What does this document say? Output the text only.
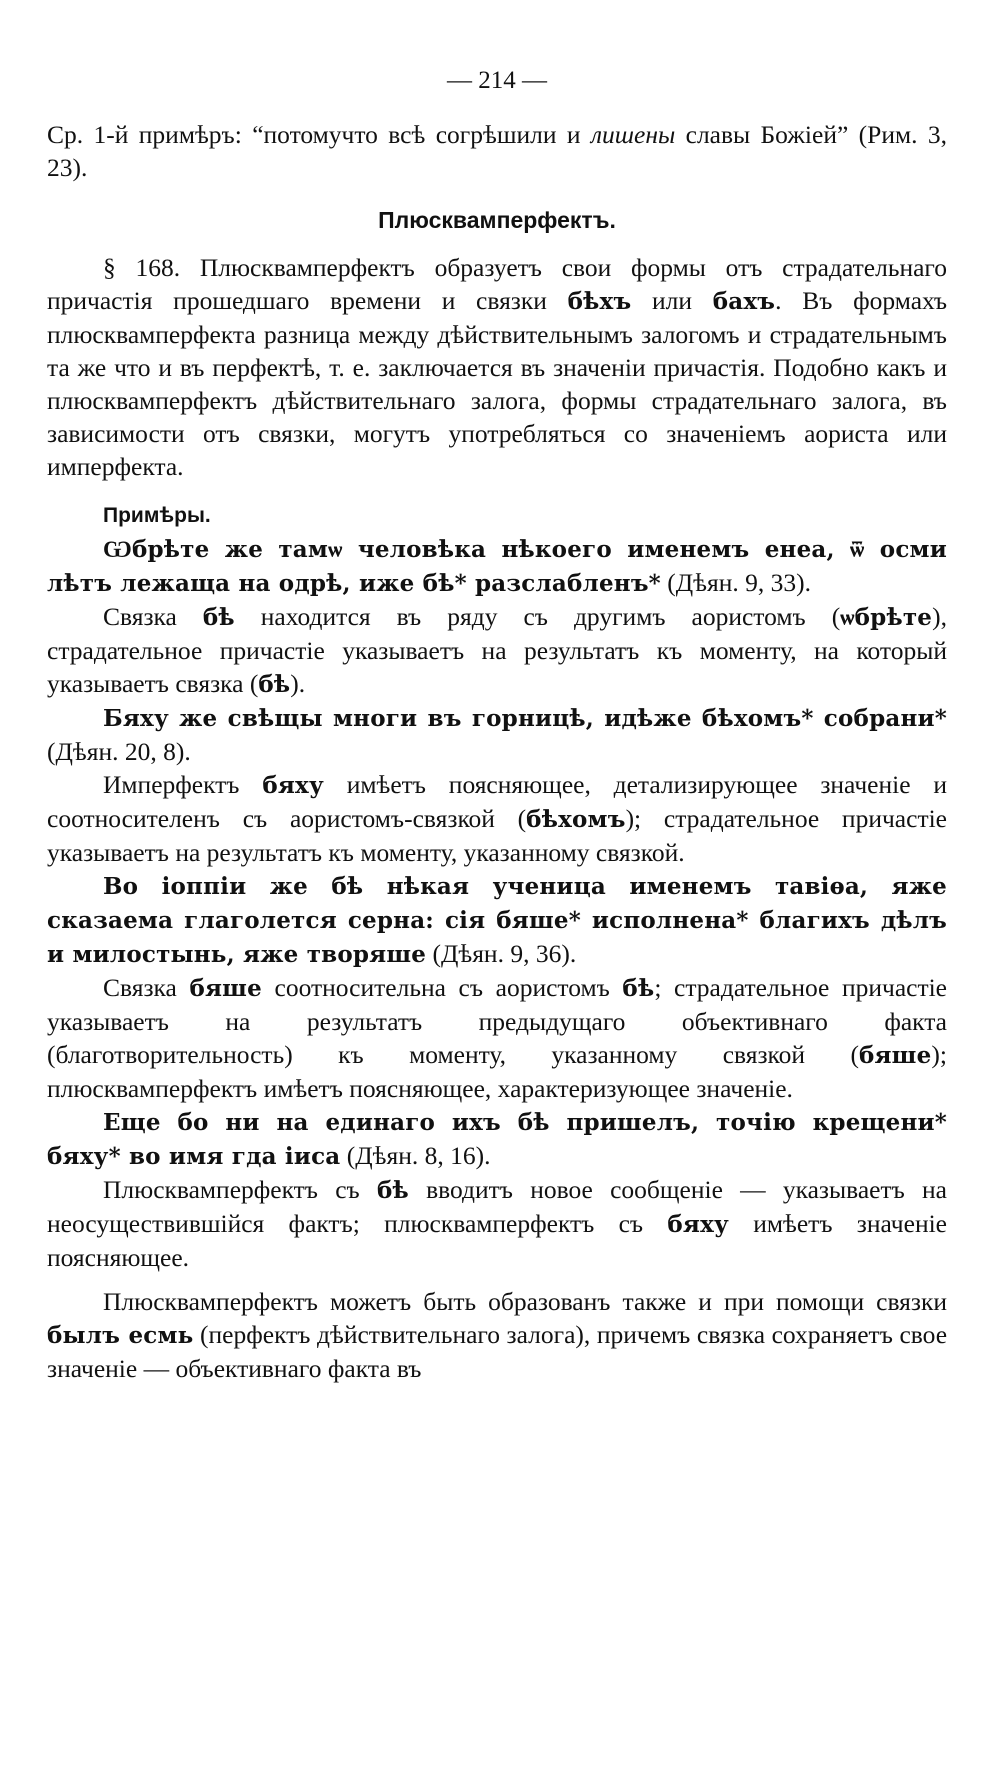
— 214 —

Ср. 1-й примѣръ: “потомучто всѣ согрѣшили и лишены славы Божіей” (Рим. 3, 23).

Плюсквамперфектъ.

§ 168. Плюсквамперфектъ образуетъ свои формы отъ страдательнаго причастія прошедшаго времени и связки бѣхъ или бахъ. Въ формахъ плюсквамперфекта разница между дѣйствительнымъ залогомъ и страдательнымъ та же что и въ перфектѣ, т. е. заключается въ значеніи причастія. Подобно какъ и плюсквамперфектъ дѣйствительнаго залога, формы страдательнаго залога, въ зависимости отъ связки, могутъ употребляться со значеніемъ аориста или имперфекта.

Примѣры.

Ѡбрѣте же тамѡ человѣка нѣкоего именемъ енеа, ѿ осми лѣтъ лежаща на одрѣ, иже бѣ* разслабленъ* (Дѣян. 9, 33).

Связка бѣ находится въ ряду съ другимъ аористомъ (ѡбрѣте), страдательное причастіе указываетъ на результатъ къ моменту, на который указываетъ связка (бѣ).

Бяху же свѣщы многи въ горницѣ, идѣже бѣхомъ* собрани* (Дѣян. 20, 8).

Имперфектъ бяху имѣетъ поясняющее, детализирующее значеніе и соотносителенъ съ аористомъ-связкой (бѣхомъ); страдательное причастіе указываетъ на результатъ къ моменту, указанному связкой.

Во іоппіи же бѣ нѣкая ученица именемъ тавіѳа, яже сказаема глаголется серна: сія бяше* исполнена* благихъ дѣлъ и милостынь, яже творяше (Дѣян. 9, 36).

Связка бяше соотносительна съ аористомъ бѣ; страдательное причастіе указываетъ на результатъ предыдущаго объективнаго факта (благотворительность) къ моменту, указанному связкой (бяше); плюсквамперфектъ имѣетъ поясняющее, характеризующее значеніе.

Еще бо ни на единаго ихъ бѣ пришелъ, точію крещени* бяху* во имя гда іиса (Дѣян. 8, 16).

Плюсквамперфектъ съ бѣ вводитъ новое сообщеніе — указываетъ на неосуществившійся фактъ; плюсквамперфектъ съ бяху имѣетъ значеніе поясняющее.

Плюсквамперфектъ можетъ быть образованъ также и при помощи связки былъ есмь (перфектъ дѣйствительнаго залога), причемъ связка сохраняетъ свое значеніе — объективнаго факта въ
